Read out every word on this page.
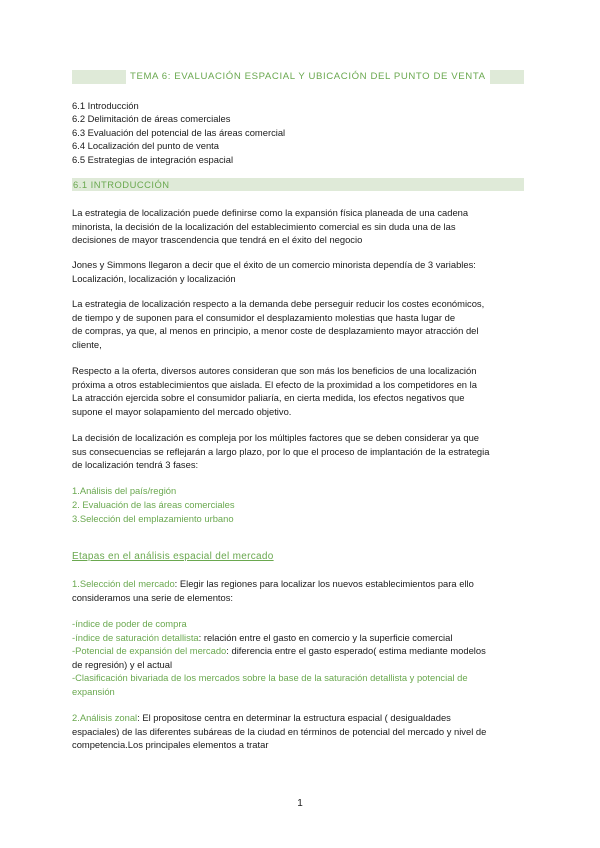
TEMA 6: EVALUACIÓN ESPACIAL Y UBICACIÓN DEL PUNTO DE VENTA
6.1 Introducción
6.2 Delimitación de áreas comerciales
6.3 Evaluación del potencial de las áreas comercial
6.4 Localización del punto de venta
6.5 Estrategias de integración espacial
6.1 INTRODUCCIÓN
La estrategia de localización puede definirse como la expansión física planeada de una cadena
minorista, la decisión de la localización del establecimiento comercial es sin duda una de las
decisiones de mayor trascendencia que tendrá en el éxito del negocio
Jones y Simmons llegaron a decir que el éxito de un comercio minorista dependía de 3 variables:
Localización, localización y localización
La estrategia de localización respecto a la demanda debe perseguir reducir los costes económicos,
de tiempo y de suponen para el consumidor el desplazamiento molestias que hasta lugar de
de compras, ya que, al menos en principio, a menor coste de desplazamiento mayor atracción del
cliente,
Respecto a la oferta, diversos autores consideran que son más los beneficios de una localización
próxima a otros establecimientos que aislada. El efecto de la proximidad a los competidores en la
La atracción ejercida sobre el consumidor paliaría, en cierta medida, los efectos negativos que
supone el mayor solapamiento del mercado objetivo.
La decisión de localización es compleja por los múltiples factores que se deben considerar ya que
sus consecuencias se reflejarán a largo plazo, por lo que el proceso de implantación de la estrategia
de localización tendrá 3 fases:
1.Análisis del país/región
2. Evaluación de las áreas comerciales
3.Selección del emplazamiento urbano
Etapas en el análisis espacial del mercado
1.Selección del mercado: Elegir las regiones para localizar los nuevos establecimientos para ello
consideramos una serie de elementos:
-índice de poder de compra
-índice de saturación detallista: relación entre el gasto en comercio y la superficie comercial
-Potencial de expansión del mercado: diferencia entre el gasto esperado( estima mediante modelos
de regresión) y el actual
-Clasificación bivariada de los mercados sobre la base de la saturación detallista y potencial de
expansión
2.Análisis zonal: El propositose centra en determinar la estructura espacial ( desigualdades
espaciales) de las diferentes subáreas de la ciudad en términos de potencial del mercado y nivel de
competencia.Los principales elementos a tratar
1
